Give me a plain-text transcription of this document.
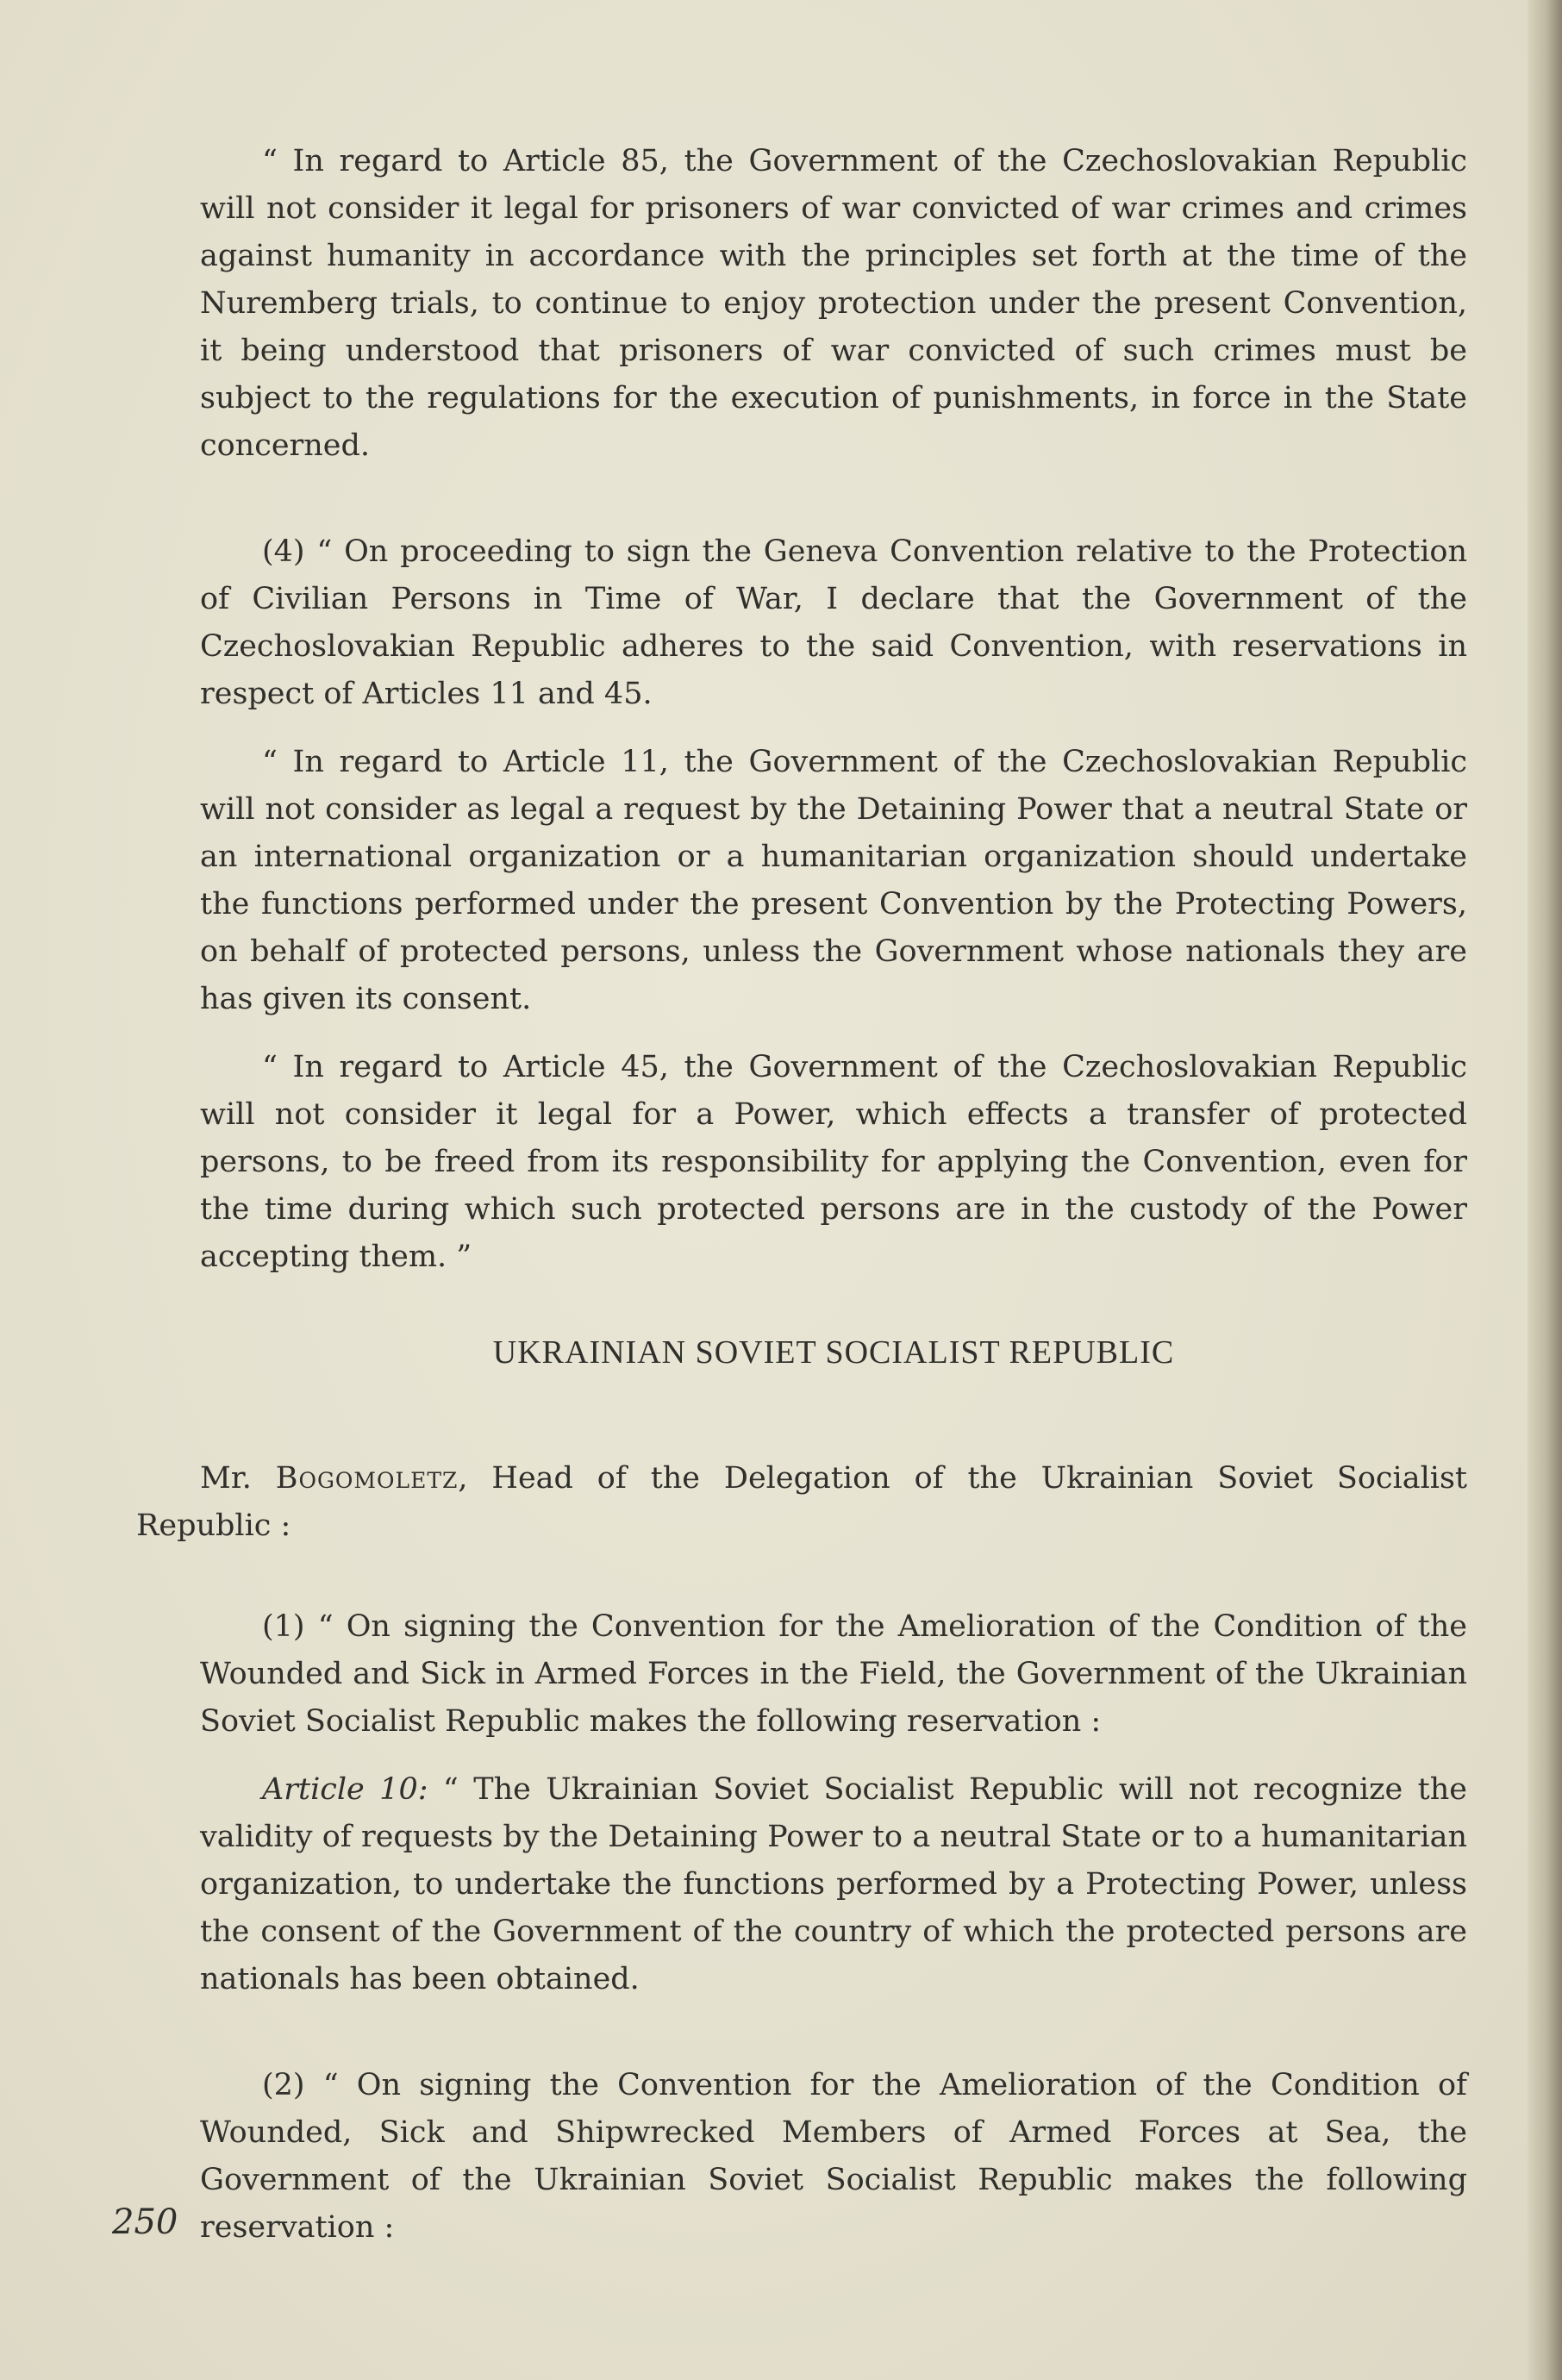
“ In regard to Article 85, the Government of the Czechoslovakian Republic will not consider it legal for prisoners of war convicted of war crimes and crimes against humanity in accordance with the principles set forth at the time of the Nuremberg trials, to continue to enjoy protection under the present Convention, it being understood that prisoners of war convicted of such crimes must be subject to the regulations for the execution of punishments, in force in the State concerned.

(4) “ On proceeding to sign the Geneva Convention relative to the Protection of Civilian Persons in Time of War, I declare that the Government of the Czechoslovakian Republic adheres to the said Convention, with reservations in respect of Articles 11 and 45.

“ In regard to Article 11, the Government of the Czechoslovakian Republic will not consider as legal a request by the Detaining Power that a neutral State or an international organization or a humanitarian organization should undertake the functions performed under the present Convention by the Protecting Powers, on behalf of protected persons, unless the Government whose nationals they are has given its consent.

“ In regard to Article 45, the Government of the Czechoslovakian Republic will not consider it legal for a Power, which effects a transfer of protected persons, to be freed from its responsibility for applying the Convention, even for the time during which such protected persons are in the custody of the Power accepting them. ”

UKRAINIAN SOVIET SOCIALIST REPUBLIC

Mr. Bogomoletz, Head of the Delegation of the Ukrainian Soviet Socialist Republic :

(1) “ On signing the Convention for the Amelioration of the Condition of the Wounded and Sick in Armed Forces in the Field, the Government of the Ukrainian Soviet Socialist Republic makes the following reservation :

Article 10: “ The Ukrainian Soviet Socialist Republic will not recognize the validity of requests by the Detaining Power to a neutral State or to a humanitarian organization, to undertake the functions performed by a Protecting Power, unless the consent of the Government of the country of which the protected persons are nationals has been obtained.

(2) “ On signing the Convention for the Amelioration of the Condition of Wounded, Sick and Shipwrecked Members of Armed Forces at Sea, the Government of the Ukrainian Soviet Socialist Republic makes the following reservation :

250
